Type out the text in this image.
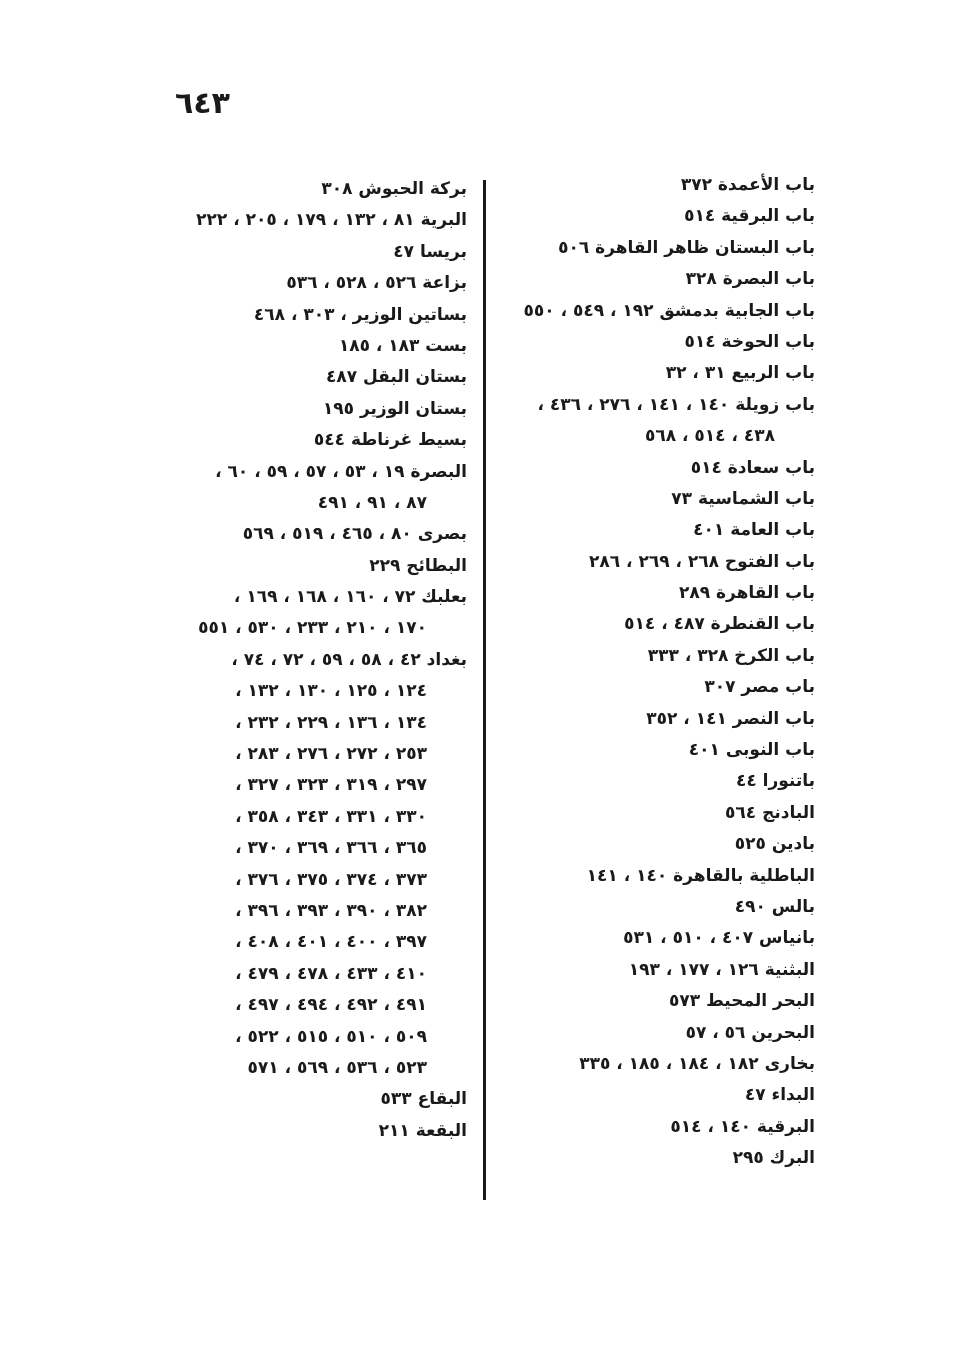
٦٤٣
باب الأعمدة ٣٧٢
باب البرقية ٥١٤
باب البستان ظاهر القاهرة ٥٠٦
باب البصرة ٣٢٨
باب الجابية بدمشق ١٩٢ ، ٥٤٩ ، ٥٥٠
باب الحوخة ٥١٤
باب الربيع ٣١ ، ٣٢
باب زويلة ١٤٠ ، ١٤١ ، ٢٧٦ ، ٤٣٦ ،
٤٣٨ ، ٥١٤ ، ٥٦٨
باب سعادة ٥١٤
باب الشماسية ٧٣
باب العامة ٤٠١
باب الفتوح ٢٦٨ ، ٢٦٩ ، ٢٨٦
باب القاهرة ٢٨٩
باب القنطرة ٤٨٧ ، ٥١٤
باب الكرخ ٣٢٨ ، ٣٣٣
باب مصر ٣٠٧
باب النصر ١٤١ ، ٣٥٢
باب النوبى ٤٠١
باتنورا ٤٤
البادنج ٥٦٤
بادين ٥٢٥
الباطلية بالقاهرة ١٤٠ ، ١٤١
بالس ٤٩٠
بانياس ٤٠٧ ، ٥١٠ ، ٥٣١
البثنية ١٢٦ ، ١٧٧ ، ١٩٣
البحر المحيط ٥٧٣
البحرين ٥٦ ، ٥٧
بخارى ١٨٢ ، ١٨٤ ، ١٨٥ ، ٣٣٥
البداء ٤٧
البرقية ١٤٠ ، ٥١٤
البرك ٢٩٥
بركة الحبوش ٣٠٨
البرية ٨١ ، ١٣٢ ، ١٧٩ ، ٢٠٥ ، ٢٢٢
بريسا ٤٧
بزاعة ٥٢٦ ، ٥٢٨ ، ٥٣٦
بساتين الوزير ، ٣٠٣ ، ٤٦٨
بست ١٨٣ ، ١٨٥
بستان البقل ٤٨٧
بستان الوزير ١٩٥
بسيط غرناطة ٥٤٤
البصرة ١٩ ، ٥٣ ، ٥٧ ، ٥٩ ، ٦٠ ،
٨٧ ، ٩١ ، ٤٩١
بصرى ٨٠ ، ٤٦٥ ، ٥١٩ ، ٥٦٩
البطائح ٢٢٩
بعلبك ٧٢ ، ١٦٠ ، ١٦٨ ، ١٦٩ ،
١٧٠ ، ٢١٠ ، ٢٣٣ ، ٥٣٠ ، ٥٥١
بغداد ٤٢ ، ٥٨ ، ٥٩ ، ٧٢ ، ٧٤ ،
١٢٤ ، ١٢٥ ، ١٣٠ ، ١٣٢ ،
١٣٤ ، ١٣٦ ، ٢٢٩ ، ٢٣٢ ،
٢٥٣ ، ٢٧٢ ، ٢٧٦ ، ٢٨٣ ،
٢٩٧ ، ٣١٩ ، ٣٢٣ ، ٣٢٧ ،
٣٣٠ ، ٣٣١ ، ٣٤٣ ، ٣٥٨ ،
٣٦٥ ، ٣٦٦ ، ٣٦٩ ، ٣٧٠ ،
٣٧٣ ، ٣٧٤ ، ٣٧٥ ، ٣٧٦ ،
٣٨٢ ، ٣٩٠ ، ٣٩٣ ، ٣٩٦ ،
٣٩٧ ، ٤٠٠ ، ٤٠١ ، ٤٠٨ ،
٤١٠ ، ٤٣٣ ، ٤٧٨ ، ٤٧٩ ،
٤٩١ ، ٤٩٢ ، ٤٩٤ ، ٤٩٧ ،
٥٠٩ ، ٥١٠ ، ٥١٥ ، ٥٢٢ ،
٥٢٣ ، ٥٣٦ ، ٥٦٩ ، ٥٧١
البقاع ٥٣٣
البقعة ٢١١
